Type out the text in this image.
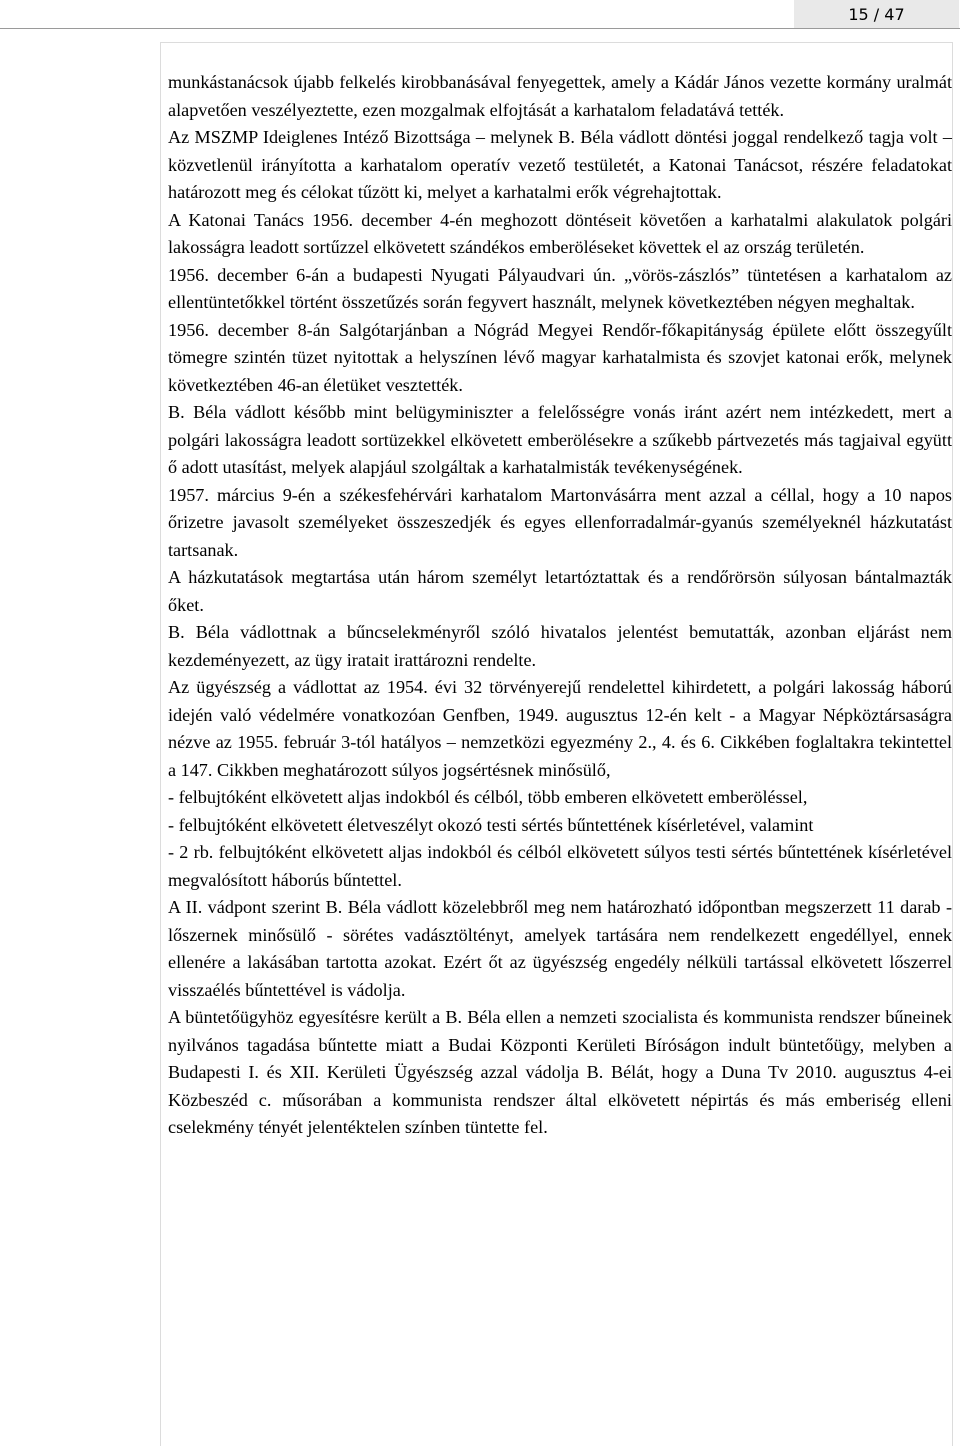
15 / 47

munkástanácsok újabb felkelés kirobbanásával fenyegettek, amely a Kádár János vezette kormány uralmát alapvetően veszélyeztette, ezen mozgalmak elfojtását a karhatalom feladatává tették.

Az MSZMP Ideiglenes Intéző Bizottsága – melynek B. Béla vádlott döntési joggal rendelkező tagja volt – közvetlenül irányította a karhatalom operatív vezető testületét, a Katonai Tanácsot, részére feladatokat határozott meg és célokat tűzött ki, melyet a karhatalmi erők végrehajtottak.

A Katonai Tanács 1956. december 4-én meghozott döntéseit követően a karhatalmi alakulatok polgári lakosságra leadott sortűzzel elkövetett szándékos emberöléseket követtek el az ország területén.

1956. december 6-án a budapesti Nyugati Pályaudvari ún. „vörös-zászlós” tüntetésen a karhatalom az ellentüntetőkkel történt összetűzés során fegyvert használt, melynek következtében négyen meghaltak.

1956. december 8-án Salgótarjánban a Nógrád Megyei Rendőr-főkapitányság épülete előtt összegyűlt tömegre szintén tüzet nyitottak a helyszínen lévő magyar karhatalmista és szovjet katonai erők, melynek következtében 46-an életüket vesztették.

B. Béla vádlott később mint belügyminiszter a felelősségre vonás iránt azért nem intézkedett, mert a polgári lakosságra leadott sortüzekkel elkövetett emberölésekre a szűkebb pártvezetés más tagjaival együtt ő adott utasítást, melyek alapjául szolgáltak a karhatalmisták tevékenységének.

1957. március 9-én a székesfehérvári karhatalom Martonvásárra ment azzal a céllal, hogy a 10 napos őrizetre javasolt személyeket összeszedjék és egyes ellenforradalmár-gyanús személyeknél házkutatást tartsanak.

A házkutatások megtartása után három személyt letartóztattak és a rendőrörsön súlyosan bántalmazták őket.

B. Béla vádlottnak a bűncselekményről szóló hivatalos jelentést bemutatták, azonban eljárást nem kezdeményezett, az ügy iratait irattározni rendelte.

Az ügyészség a vádlottat az 1954. évi 32 törvényerejű rendelettel kihirdetett, a polgári lakosság háború idején való védelmére vonatkozóan Genfben, 1949. augusztus 12-én kelt - a Magyar Népköztársaságra nézve az 1955. február 3-tól hatályos – nemzetközi egyezmény 2., 4. és 6. Cikkében foglaltakra tekintettel a 147. Cikkben meghatározott súlyos jogsértésnek minősülő,

- felbujtóként elkövetett aljas indokból és célból, több emberen elkövetett emberöléssel,

- felbujtóként elkövetett életveszélyt okozó testi sértés bűntettének kísérletével, valamint

- 2 rb. felbujtóként elkövetett aljas indokból és célból elkövetett súlyos testi sértés bűntettének kísérletével megvalósított háborús bűntettel.

A II. vádpont szerint B. Béla vádlott közelebbről meg nem határozható időpontban megszerzett 11 darab - lőszernek minősülő - sörétes vadásztöltényt, amelyek tartására nem rendelkezett engedéllyel, ennek ellenére a lakásában tartotta azokat. Ezért őt az ügyészség engedély nélküli tartással elkövetett lőszerrel visszaélés bűntettével is vádolja.

A büntetőügyhöz egyesítésre került a B. Béla ellen a nemzeti szocialista és kommunista rendszer bűneinek nyilvános tagadása bűntette miatt a Budai Központi Kerületi Bíróságon indult büntetőügy, melyben a Budapesti I. és XII. Kerületi Ügyészség azzal vádolja B. Bélát, hogy a Duna Tv 2010. augusztus 4-ei Közbeszéd c. műsorában a kommunista rendszer által elkövetett népirtás és más emberiség elleni cselekmény tényét jelentéktelen színben tüntette fel.
